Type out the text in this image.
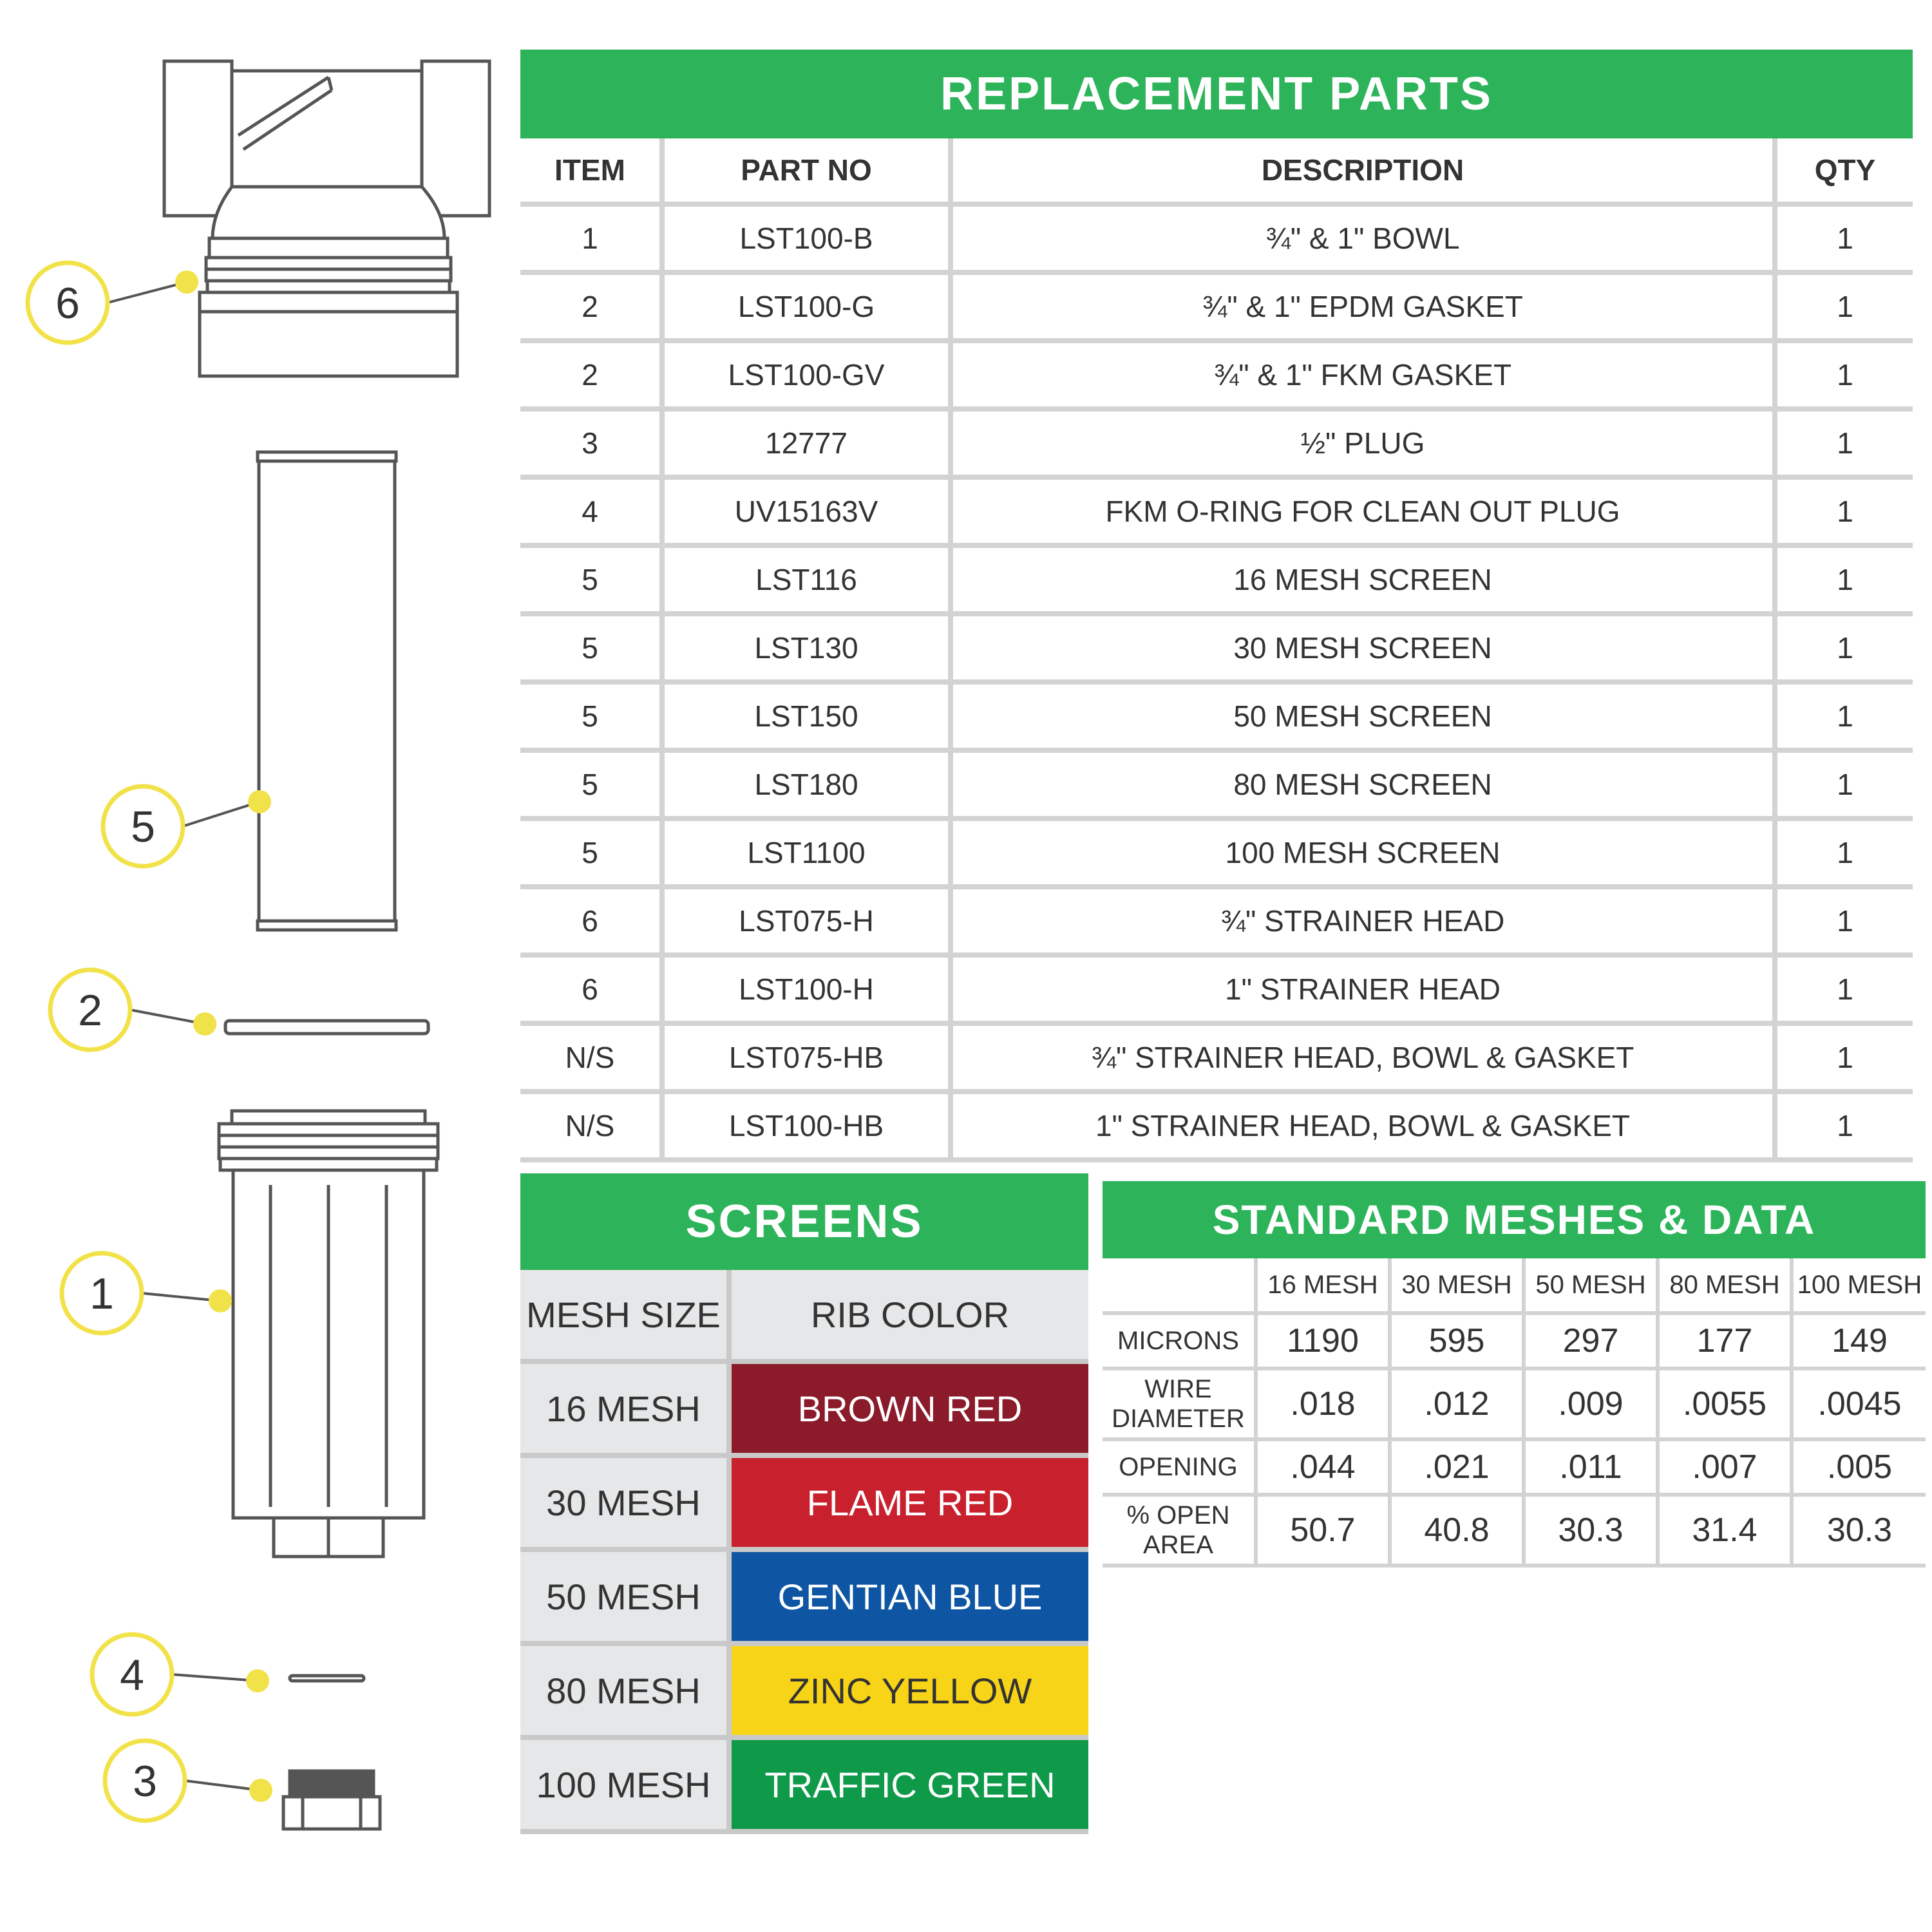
6
5
2
1
4
3
REPLACEMENT PARTS
ITEM	PART NO	DESCRIPTION	QTY
1	LST100-B	¾" & 1" BOWL	1
2	LST100-G	¾" & 1" EPDM GASKET	1
2	LST100-GV	¾" & 1" FKM GASKET	1
3	12777	½" PLUG	1
4	UV15163V	FKM O-RING FOR CLEAN OUT PLUG	1
5	LST116	16 MESH SCREEN	1
5	LST130	30 MESH SCREEN	1
5	LST150	50 MESH SCREEN	1
5	LST180	80 MESH SCREEN	1
5	LST1100	100 MESH SCREEN	1
6	LST075-H	¾" STRAINER HEAD	1
6	LST100-H	1" STRAINER HEAD	1
N/S	LST075-HB	¾" STRAINER HEAD, BOWL & GASKET	1
N/S	LST100-HB	1" STRAINER HEAD, BOWL & GASKET	1
SCREENS
MESH SIZE	RIB COLOR
16 MESH	BROWN RED
30 MESH	FLAME RED
50 MESH	GENTIAN BLUE
80 MESH	ZINC YELLOW
100 MESH	TRAFFIC GREEN
STANDARD MESHES & DATA
	16 MESH	30 MESH	50 MESH	80 MESH	100 MESH
MICRONS	1190	595	297	177	149
WIRE DIAMETER	.018	.012	.009	.0055	.0045
OPENING	.044	.021	.011	.007	.005
% OPEN AREA	50.7	40.8	30.3	31.4	30.3
